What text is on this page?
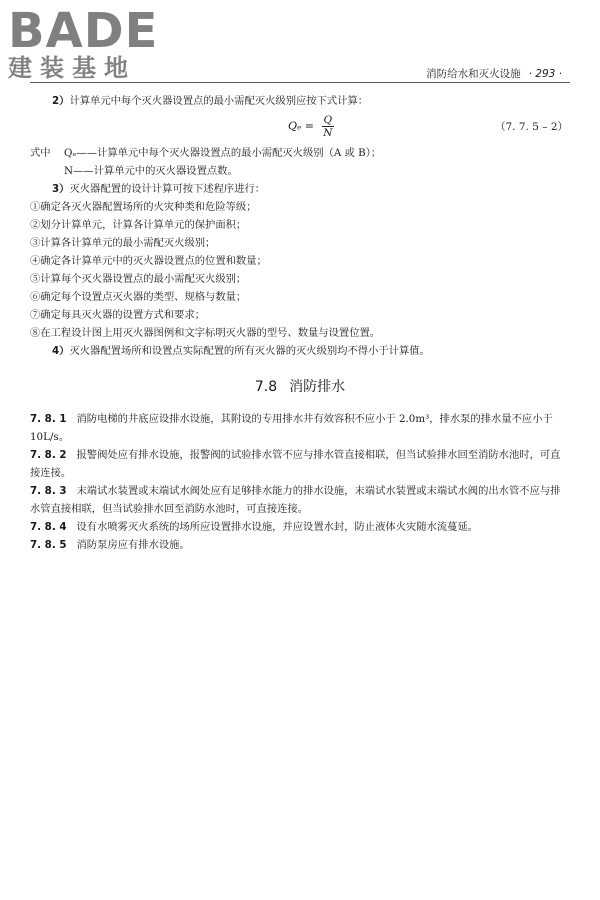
BADE
建装基地	消防给水和灭火设施 · 293 ·
2）计算单元中每个灭火器设置点的最小需配灭火级别应按下式计算：
$Q_e = \frac{Q}{N}$	（7. 7. 5 – 2）
式中	Qₑ——计算单元中每个灭火器设置点的最小需配灭火级别（A 或 B）；
N——计算单元中的灭火器设置点数。
3）灭火器配置的设计计算可按下述程序进行：
①确定各灭火器配置场所的火灾种类和危险等级；
②划分计算单元，计算各计算单元的保护面积；
③计算各计算单元的最小需配灭火级别；
④确定各计算单元中的灭火器设置点的位置和数量；
⑤计算每个灭火器设置点的最小需配灭火级别；
⑥确定每个设置点灭火器的类型、规格与数量；
⑦确定每具灭火器的设置方式和要求；
⑧在工程设计图上用灭火器图例和文字标明灭火器的型号、数量与设置位置。
4）灭火器配置场所和设置点实际配置的所有灭火器的灭火级别均不得小于计算值。
7.8 消防排水
7. 8. 1 消防电梯的井底应设排水设施，其附设的专用排水井有效容积不应小于 2.0m³，排水泵的排水量不应小于 10L/s。
7. 8. 2 报警阀处应有排水设施，报警阀的试验排水管不应与排水管直接相联，但当试验排水回至消防水池时，可直接连接。
7. 8. 3 末端试水装置或末端试水阀处应有足够排水能力的排水设施，末端试水装置或末端试水阀的出水管不应与排水管直接相联，但当试验排水回至消防水池时，可直接连接。
7. 8. 4 设有水喷雾灭火系统的场所应设置排水设施，并应设置水封，防止液体火灾随水流蔓延。
7. 8. 5 消防泵房应有排水设施。
